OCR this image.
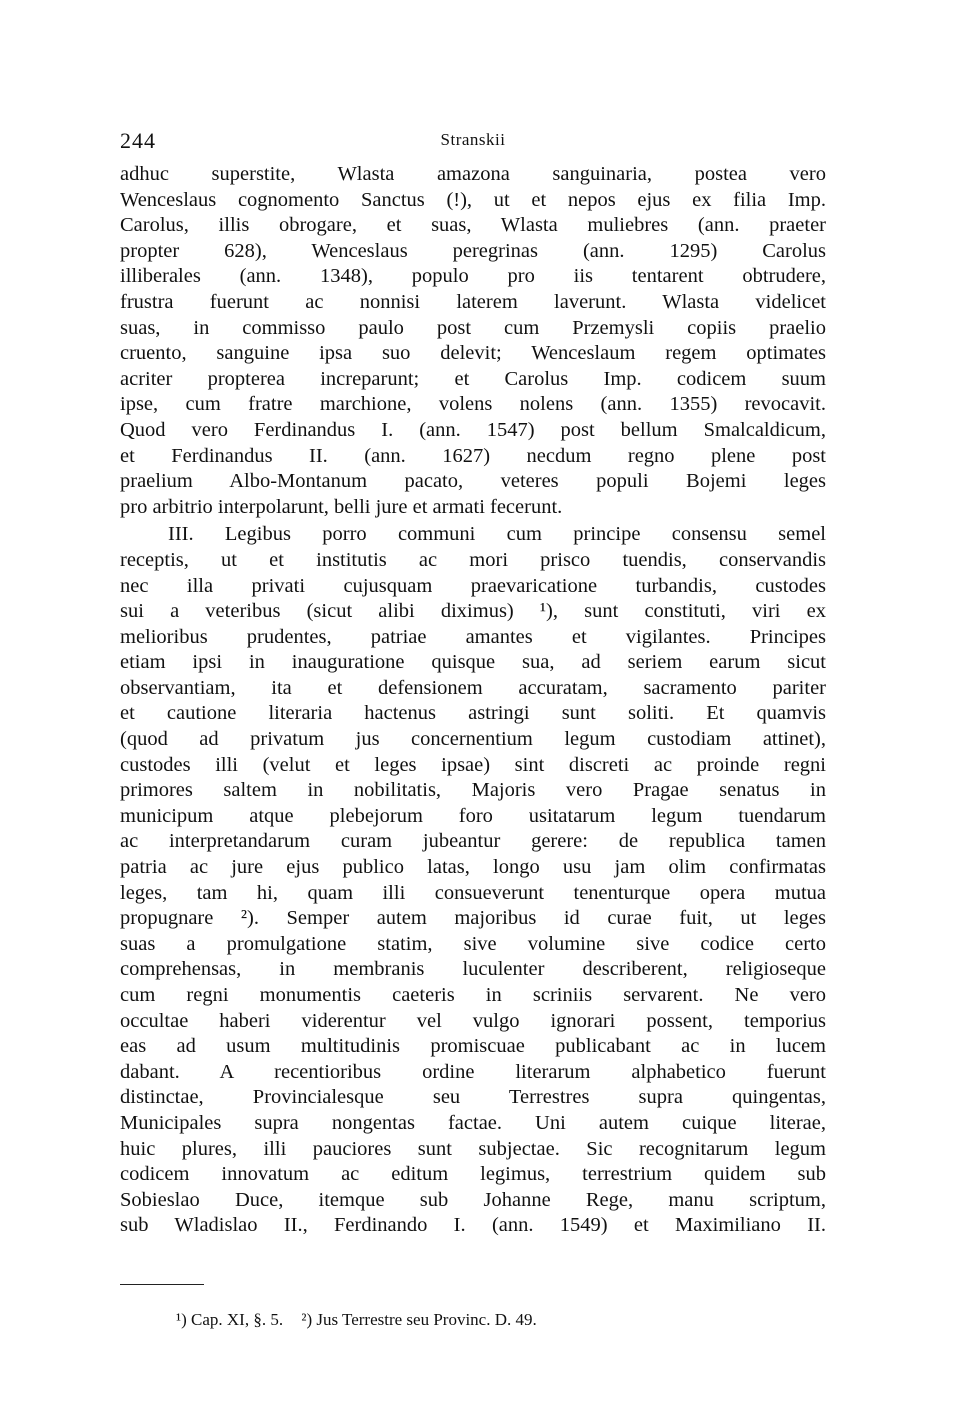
244	Stranskii
adhuc superstite, Wlasta amazona sanguinaria, postea vero
Wenceslaus cognomento Sanctus (!), ut et nepos ejus ex filia Imp.
Carolus, illis obrogare, et suas, Wlasta muliebres (ann. praeter
propter 628), Wenceslaus peregrinas (ann. 1295) Carolus
illiberales (ann. 1348), populo pro iis tentarent obtrudere,
frustra fuerunt ac nonnisi laterem laverunt. Wlasta videlicet
suas, in commisso paulo post cum Przemysli copiis praelio
cruento, sanguine ipsa suo delevit; Wenceslaum regem optimates
acriter propterea increparunt; et Carolus Imp. codicem suum
ipse, cum fratre marchione, volens nolens (ann. 1355) revocavit.
Quod vero Ferdinandus I. (ann. 1547) post bellum Smalcaldicum,
et Ferdinandus II. (ann. 1627) necdum regno plene post
praelium Albo-Montanum pacato, veteres populi Bojemi leges
pro arbitrio interpolarunt, belli jure et armati fecerunt.
III. Legibus porro communi cum principe consensu semel
receptis, ut et institutis ac mori prisco tuendis, conservandis
nec illa privati cujusquam praevaricatione turbandis, custodes
sui a veteribus (sicut alibi diximus) ¹), sunt constituti, viri ex
melioribus prudentes, patriae amantes et vigilantes. Principes
etiam ipsi in inauguratione quisque sua, ad seriem earum sicut
observantiam, ita et defensionem accuratam, sacramento pariter
et cautione literaria hactenus astringi sunt soliti. Et quamvis
(quod ad privatum jus concernentium legum custodiam attinet),
custodes illi (velut et leges ipsae) sint discreti ac proinde regni
primores saltem in nobilitatis, Majoris vero Pragae senatus in
municipum atque plebejorum foro usitatarum legum tuendarum
ac interpretandarum curam jubeantur gerere: de republica tamen
patria ac jure ejus publico latas, longo usu jam olim confirmatas
leges, tam hi, quam illi consueverunt tenenturque opera mutua
propugnare ²). Semper autem majoribus id curae fuit, ut leges
suas a promulgatione statim, sive volumine sive codice certo
comprehensas, in membranis luculenter describerent, religioseque
cum regni monumentis caeteris in scriniis servarent. Ne vero
occultae haberi viderentur vel vulgo ignorari possent, temporius
eas ad usum multitudinis promiscuae publicabant ac in lucem
dabant. A recentioribus ordine literarum alphabetico fuerunt
distinctae, Provincialesque seu Terrestres supra quingentas,
Municipales supra nongentas factae. Uni autem cuique literae,
huic plures, illi pauciores sunt subjectae. Sic recognitarum legum
codicem innovatum ac editum legimus, terrestrium quidem sub
Sobieslao Duce, itemque sub Johanne Rege, manu scriptum,
sub Wladislao II., Ferdinando I. (ann. 1549) et Maximiliano II.
¹) Cap. XI, §. 5. ²) Jus Terrestre seu Provinc. D. 49.
